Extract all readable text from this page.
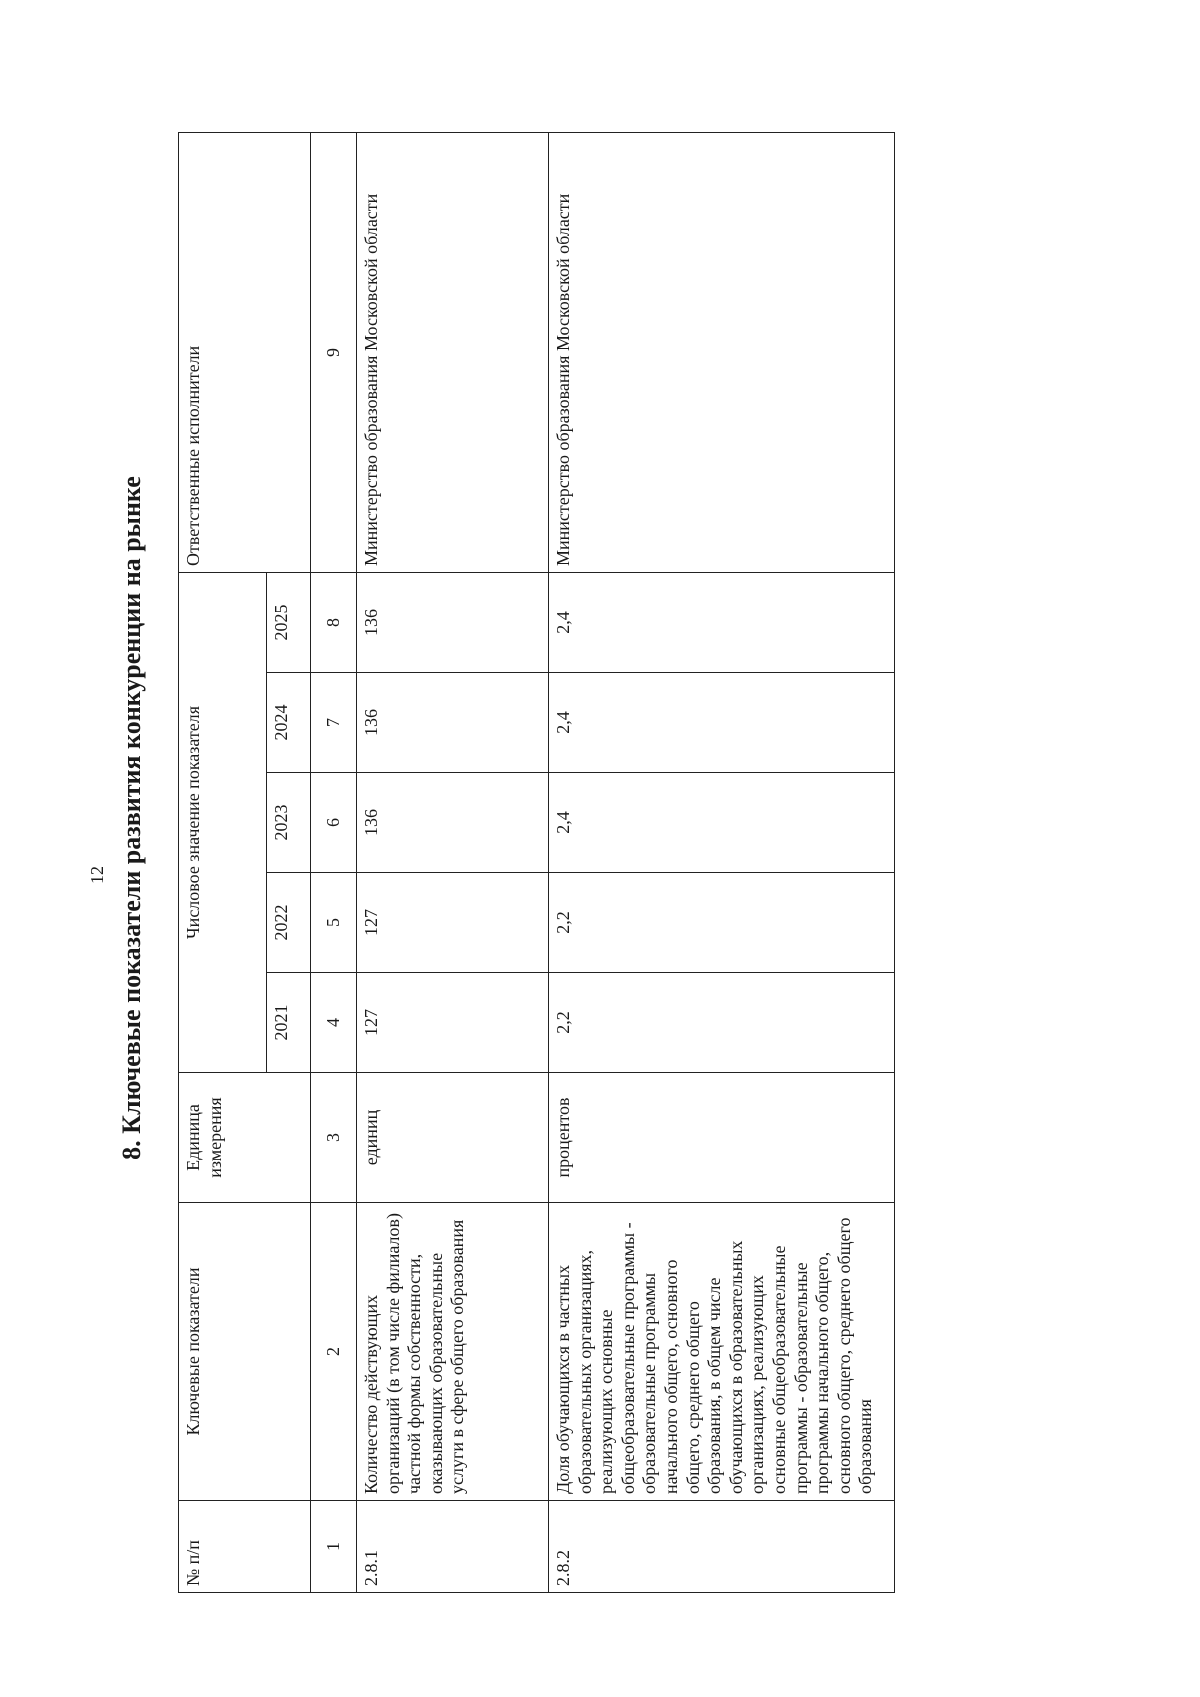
12 8. Ключевые показатели развития конкуренции на рынке
№ п/п	Ключевые показатели	Единица измерения	Числовое значение показателя					Ответственные исполнители
			2021	2022	2023	2024	2025	
1	2	3	4	5	6	7	8	9
2.8.1	Количество действующих организаций (в том числе филиалов) частной формы собственности, оказывающих образовательные услуги в сфере общего образования	единиц	127	127	136	136	136	Министерство образования Московской области
2.8.2	Доля обучающихся в частных образовательных организациях, реализующих основные общеобразовательные программы - образовательные программы начального общего, основного общего, среднего общего образования, в общем числе обучающихся в образовательных организациях, реализующих основные общеобразовательные программы - образовательные программы начального общего, основного общего, среднего общего образования	процентов	2,2	2,2	2,4	2,4	2,4	Министерство образования Московской области
